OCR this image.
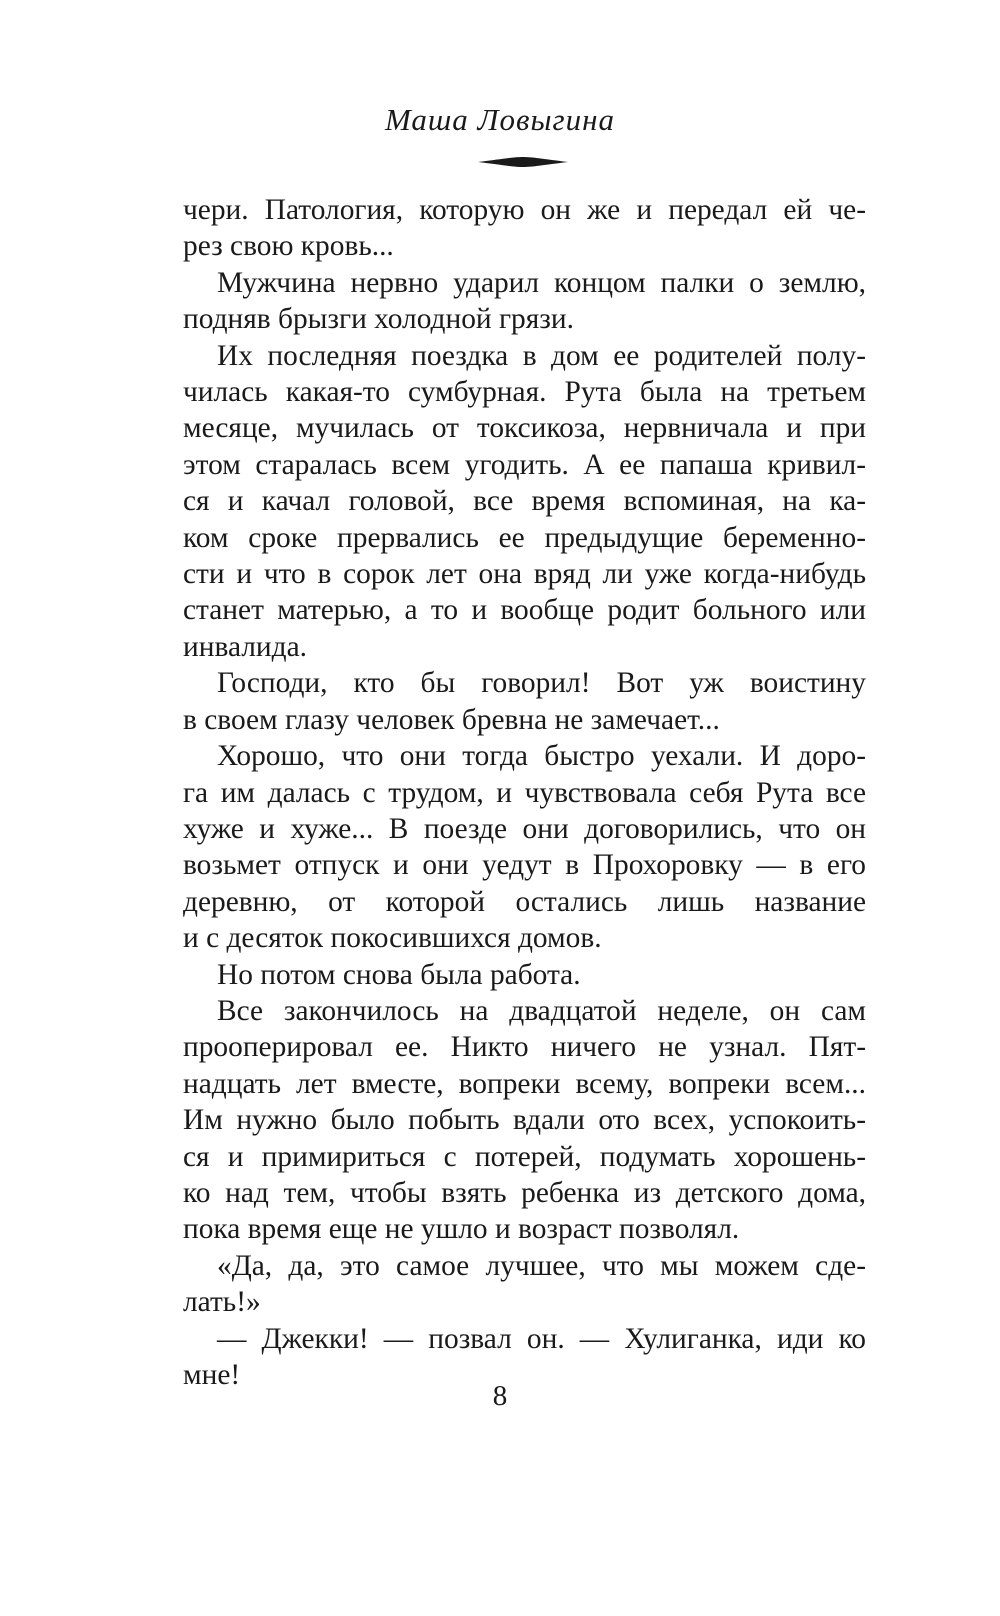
Маша Ловыгина
чери. Патология, которую он же и передал ей че-
рез свою кровь...
Мужчина нервно ударил концом палки о землю,
подняв брызги холодной грязи.
Их последняя поездка в дом ее родителей полу-
чилась какая-то сумбурная. Рута была на третьем
месяце, мучилась от токсикоза, нервничала и при
этом старалась всем угодить. А ее папаша кривил-
ся и качал головой, все время вспоминая, на ка-
ком сроке прервались ее предыдущие беременно-
сти и что в сорок лет она вряд ли уже когда-нибудь
станет матерью, а то и вообще родит больного или
инвалида.
Господи, кто бы говорил! Вот уж воистину
в своем глазу человек бревна не замечает...
Хорошо, что они тогда быстро уехали. И доро-
га им далась с трудом, и чувствовала себя Рута все
хуже и хуже... В поезде они договорились, что он
возьмет отпуск и они уедут в Прохоровку — в его
деревню, от которой остались лишь название
и с десяток покосившихся домов.
Но потом снова была работа.
Все закончилось на двадцатой неделе, он сам
прооперировал ее. Никто ничего не узнал. Пят-
надцать лет вместе, вопреки всему, вопреки всем...
Им нужно было побыть вдали ото всех, успокоить-
ся и примириться с потерей, подумать хорошень-
ко над тем, чтобы взять ребенка из детского дома,
пока время еще не ушло и возраст позволял.
«Да, да, это самое лучшее, что мы можем сде-
лать!»
— Джекки! — позвал он. — Хулиганка, иди ко
мне!
8
